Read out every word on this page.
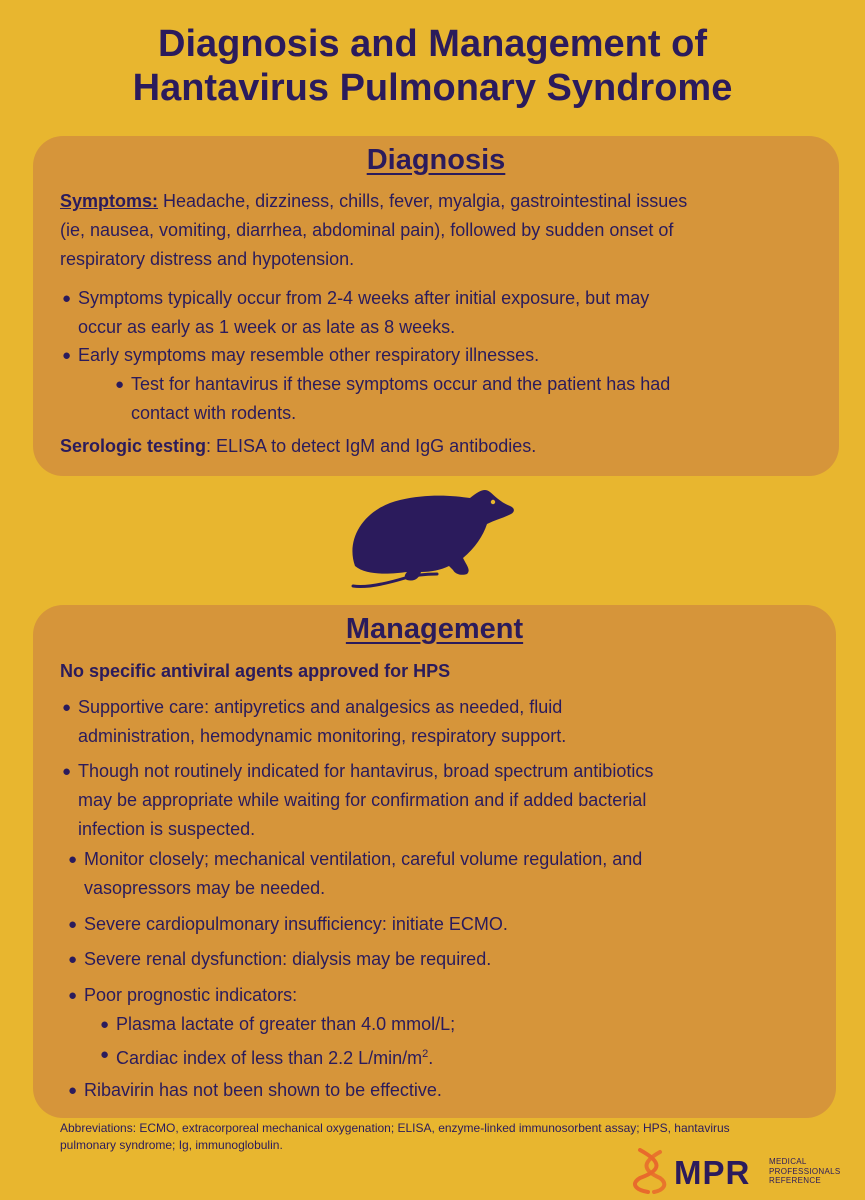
Diagnosis and Management of
Hantavirus Pulmonary Syndrome
Diagnosis
Symptoms: Headache, dizziness, chills, fever, myalgia, gastrointestinal issues
(ie, nausea, vomiting, diarrhea, abdominal pain), followed by sudden onset of
respiratory distress and hypotension.
● Symptoms typically occur from 2-4 weeks after initial exposure, but may
occur as early as 1 week or as late as 8 weeks.
● Early symptoms may resemble other respiratory illnesses.
● Test for hantavirus if these symptoms occur and the patient has had
contact with rodents.
Serologic testing: ELISA to detect IgM and IgG antibodies.
Management
No specific antiviral agents approved for HPS
● Supportive care: antipyretics and analgesics as needed, fluid
administration, hemodynamic monitoring, respiratory support.
● Though not routinely indicated for hantavirus, broad spectrum antibiotics
may be appropriate while waiting for confirmation and if added bacterial
infection is suspected.
● Monitor closely; mechanical ventilation, careful volume regulation, and
vasopressors may be needed.
● Severe cardiopulmonary insufficiency: initiate ECMO.
● Severe renal dysfunction: dialysis may be required.
● Poor prognostic indicators:
● Plasma lactate of greater than 4.0 mmol/L;
● Cardiac index of less than 2.2 $L/\min/m^2$.
● Ribavirin has not been shown to be effective.
Abbreviations: ECMO, extracorporeal mechanical oxygenation; ELISA, enzyme-linked immunosorbent assay; HPS, hantavirus
pulmonary syndrome; Ig, immunoglobulin.
MPR MEDICAL
PROFESSIONALS
REFERENCE
